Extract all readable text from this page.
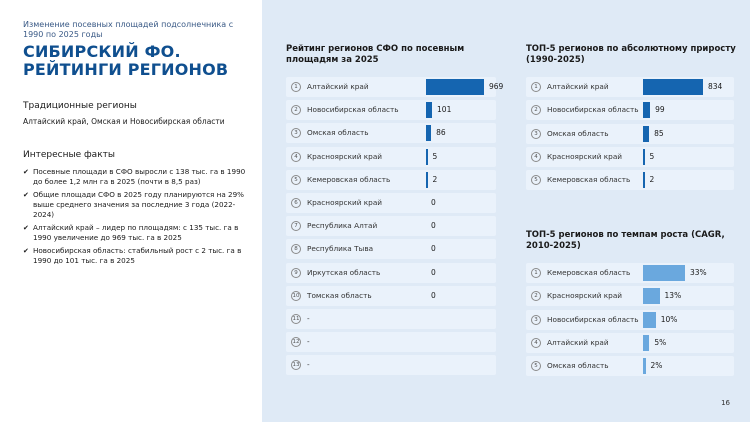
Изменение посевных площадей подсолнечника с 1990 по 2025 годы
СИБИРСКИЙ ФО. РЕЙТИНГИ РЕГИОНОВ
Традиционные регионы
Алтайский край, Омская и Новосибирская области
Интересные факты
✔ Посевные площади в СФО выросли с 138 тыс. га в 1990 до более 1,2 млн га в 2025 (почти в 8,5 раз)
✔ Общие площади СФО в 2025 году планируются на 29% выше среднего значения за последние 3 года (2022-2024)
✔ Алтайский край – лидер по площадям: с 135 тыс. га в 1990 увеличение до 969 тыс. га в 2025
✔ Новосибирская область: стабильный рост с 2 тыс. га в 1990 до 101 тыс. га в 2025
Рейтинг регионов СФО по посевным площадям за 2025
1	Алтайский край	969
2	Новосибирская область	101
3	Омская область	86
4	Красноярский край	5
5	Кемеровская область	2
6	Красноярский край	0
7	Республика Алтай	0
8	Республика Тыва	0
9	Иркутская область	0
10 Томская область	0
11 -
12 -
13 -
ТОП-5 регионов по абсолютному приросту (1990-2025)
1	Алтайский край	834
2	Новосибирская область 99
3	Омская область	85
4	Красноярский край	5
5	Кемеровская область	2
ТОП-5 регионов по темпам роста (CAGR, 2010-2025)
1	Кемеровская область	33%
2	Красноярский край	13%
3	Новосибирская область	10%
4	Алтайский край	5%
5	Омская область	2%
16
